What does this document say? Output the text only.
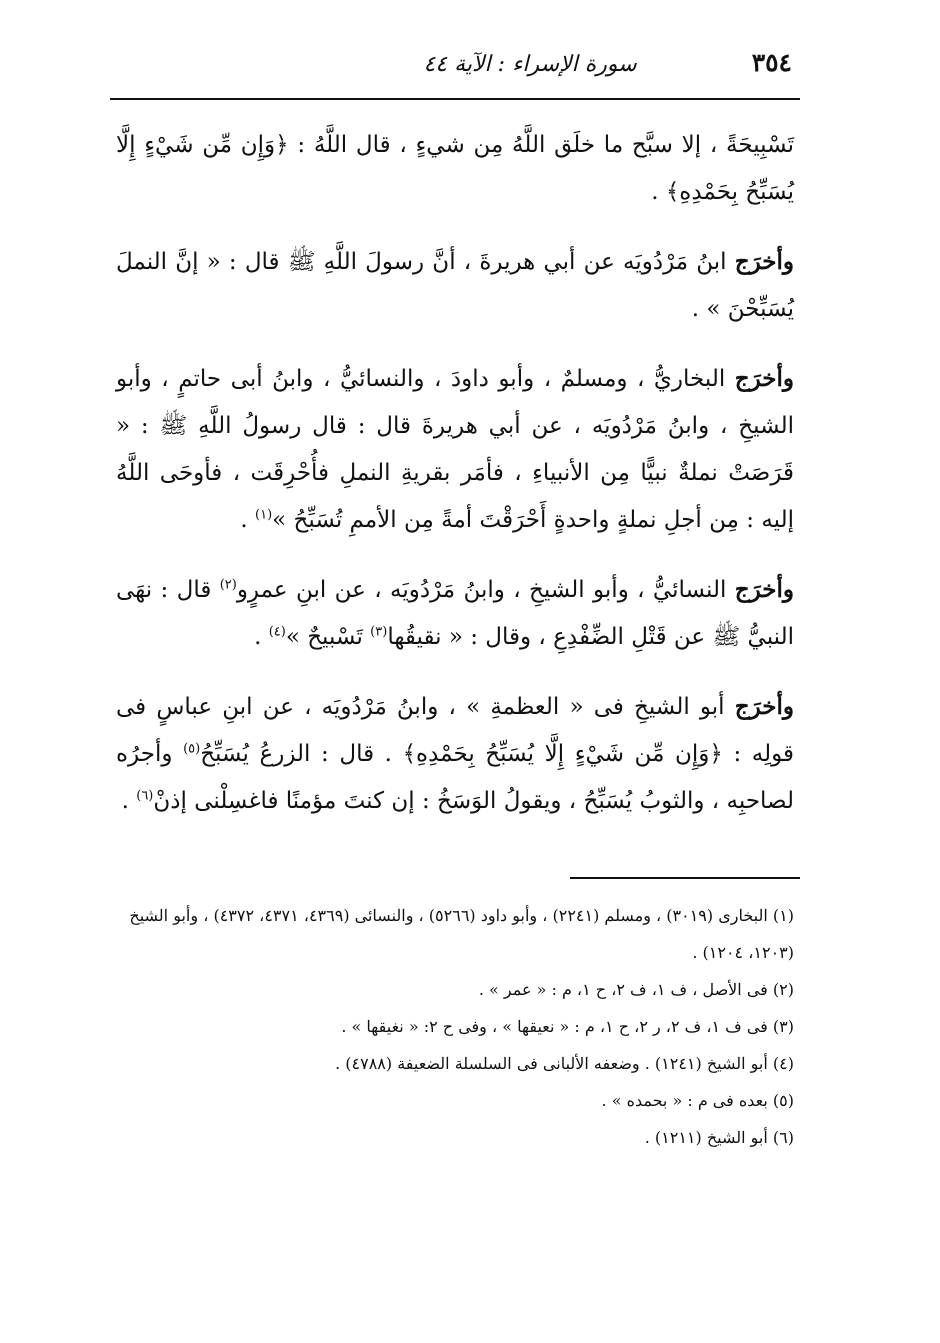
٣٥٤
سورة الإسراء : الآية ٤٤

تَسْبِيحَةً ، إلا سبَّح ما خلَق اللَّهُ مِن شيءٍ ، قال اللَّهُ : ﴿وَإِن مِّن شَيْءٍ إِلَّا يُسَبِّحُ بِحَمْدِهِ﴾ .

وأخرَج ابنُ مَرْدُويَه عن أبي هريرةَ ، أنَّ رسولَ اللَّهِ ﷺ قال : « إنَّ النملَ يُسَبِّحْنَ » .

وأخرَج البخاريُّ ، ومسلمٌ ، وأبو داودَ ، والنسائيُّ ، وابنُ أبى حاتمٍ ، وأبو الشيخِ ، وابنُ مَرْدُويَه ، عن أبي هريرةَ قال : قال رسولُ اللَّهِ ﷺ : « قَرَصَتْ نملةٌ نبيًّا مِن الأنبياءِ ، فأمَر بقريةِ النملِ فأُحْرِقَت ، فأوحَى اللَّهُ إليه : مِن أجلِ نملةٍ واحدةٍ أَحْرَقْتَ أمةً مِن الأممِ تُسَبِّحُ »$^{(١)}$ .

وأخرَج النسائيُّ ، وأبو الشيخِ ، وابنُ مَرْدُويَه ، عن ابنِ عمرٍو$^{(٢)}$ قال : نهَى النبيُّ ﷺ عن قَتْلِ الضِّفْدِعِ ، وقال : « نقيقُها$^{(٣)}$ تَسْبيحٌ »$^{(٤)}$ .

وأخرَج أبو الشيخِ فى « العظمةِ » ، وابنُ مَرْدُويَه ، عن ابنِ عباسٍ فى قولِه : ﴿وَإِن مِّن شَيْءٍ إِلَّا يُسَبِّحُ بِحَمْدِهِ﴾ . قال : الزرعُ يُسَبِّحُ$^{(٥)}$ وأجرُه لصاحبِه ، والثوبُ يُسَبِّحُ ، ويقولُ الوَسَخُ : إن كنتَ مؤمنًا فاغسِلْنى إذنْ$^{(٦)}$ .

(١) البخارى (٣٠١٩) ، ومسلم (٢٢٤١) ، وأبو داود (٥٢٦٦) ، والنسائى (٤٣٦٩، ٤٣٧١، ٤٣٧٢) ، وأبو الشيخ (١٢٠٣، ١٢٠٤) .

(٢) فى الأصل ، ف ١، ف ٢، ح ١، م : « عمر » .

(٣) فى ف ١، ف ٢، ر ٢، ح ١، م : « نعيقها » ، وفى ح ٢: « نغيقها » .

(٤) أبو الشيخ (١٢٤١) . وضعفه الألبانى فى السلسلة الضعيفة (٤٧٨٨) .

(٥) بعده فى م : « بحمده » .

(٦) أبو الشيخ (١٢١١) .
